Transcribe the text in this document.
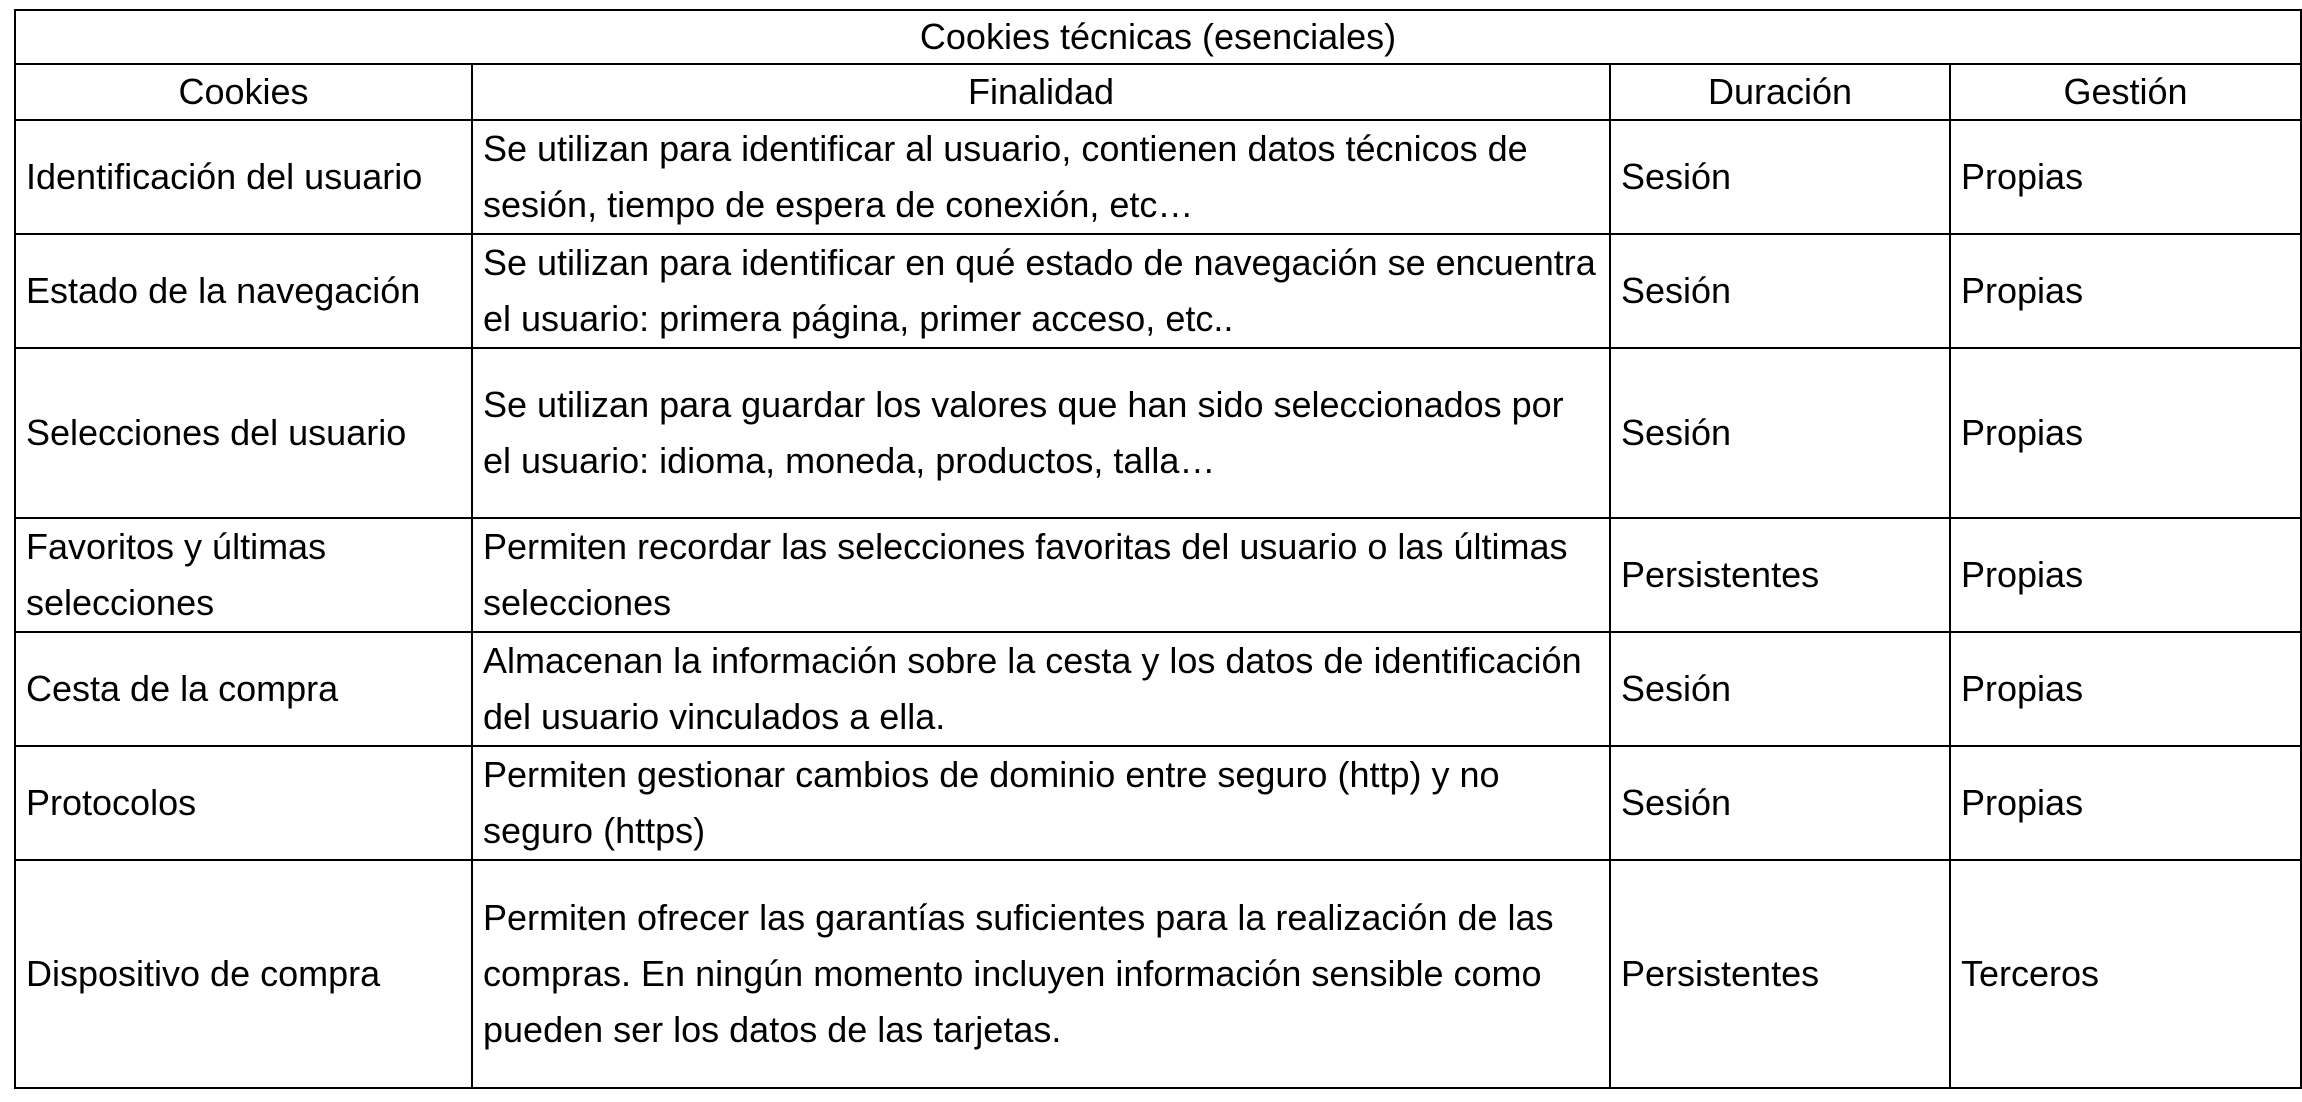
Cookies técnicas (esenciales)			
Cookies	Finalidad	Duración	Gestión
Identificación del usuario	Se utilizan para identificar al usuario, contienen datos técnicos de sesión, tiempo de espera de conexión, etc…	Sesión	Propias
Estado de la navegación	Se utilizan para identificar en qué estado de navegación se encuentra el usuario: primera página, primer acceso, etc..	Sesión	Propias
Selecciones del usuario	Se utilizan para guardar los valores que han sido seleccionados por el usuario: idioma, moneda, productos, talla…	Sesión	Propias
Favoritos y últimas selecciones	Permiten recordar las selecciones favoritas del usuario o las últimas selecciones	Persistentes	Propias
Cesta de la compra	Almacenan la información sobre la cesta y los datos de identificación del usuario vinculados a ella.	Sesión	Propias
Protocolos	Permiten gestionar cambios de dominio entre seguro (http) y no seguro (https)	Sesión	Propias
Dispositivo de compra	Permiten ofrecer las garantías suficientes para la realización de las compras. En ningún momento incluyen información sensible como pueden ser los datos de las tarjetas.	Persistentes	Terceros
